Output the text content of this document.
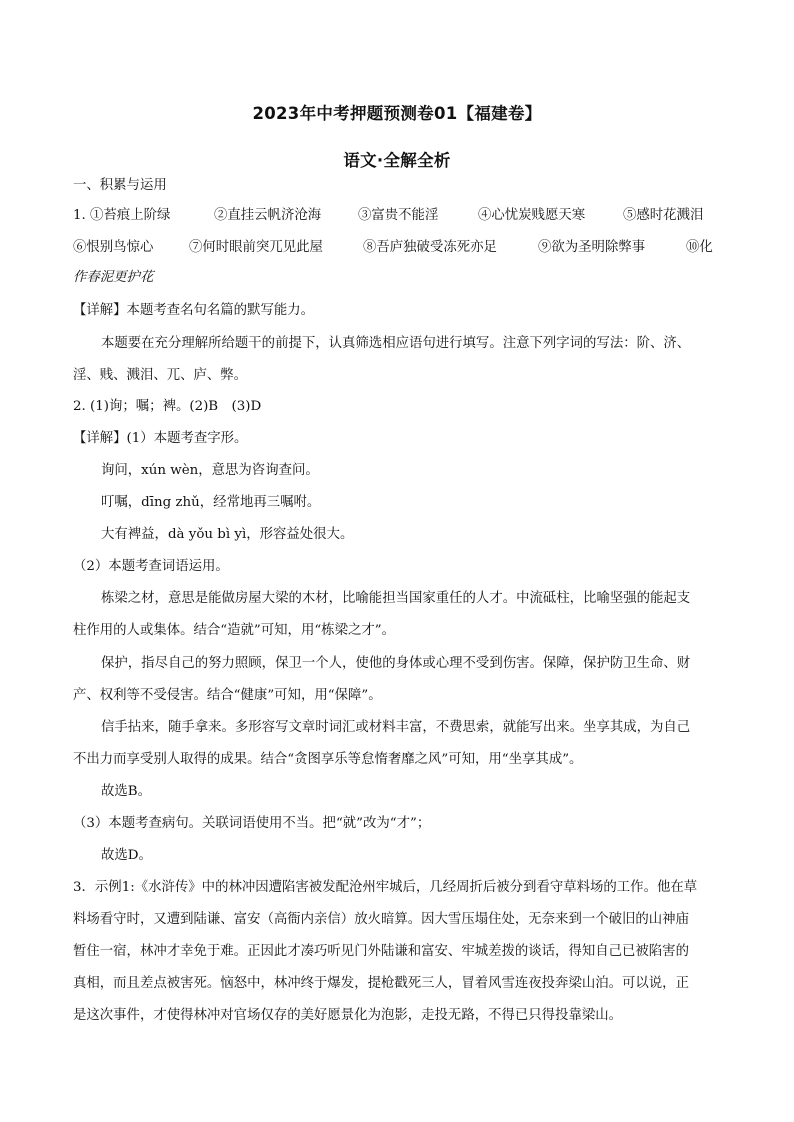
2023年中考押题预测卷01【福建卷】
语文·全解全析
一、积累与运用
1. ①苔痕上阶绿	②直挂云帆济沧海	③富贵不能淫	④心忧炭贱愿天寒	⑤感时花溅泪
⑥恨别鸟惊心	⑦何时眼前突兀见此屋	⑧吾庐独破受冻死亦足	⑨欲为圣明除弊事	⑩化
作春泥更护花
【详解】本题考查名句名篇的默写能力。
本题要在充分理解所给题干的前提下，认真筛选相应语句进行填写。注意下列字词的写法：阶、济、
淫、贱、溅泪、兀、庐、弊。
2. (1)询；嘱；裨。(2)B　(3)D
【详解】(1）本题考查字形。
询问，xún wèn，意思为咨询查问。
叮嘱，dīng zhǔ，经常地再三嘱咐。
大有裨益，dà yǒu bì yì，形容益处很大。
（2）本题考查词语运用。
栋梁之材，意思是能做房屋大梁的木材，比喻能担当国家重任的人才。中流砥柱，比喻坚强的能起支
柱作用的人或集体。结合“造就”可知，用“栋梁之才”。
保护，指尽自己的努力照顾，保卫一个人，使他的身体或心理不受到伤害。保障，保护防卫生命、财
产、权利等不受侵害。结合“健康”可知，用“保障”。
信手拈来，随手拿来。多形容写文章时词汇或材料丰富，不费思索，就能写出来。坐享其成，为自己
不出力而享受别人取得的成果。结合“贪图享乐等怠惰奢靡之风”可知，用“坐享其成”。
故选B。
（3）本题考查病句。关联词语使用不当。把“就”改为“才”；
故选D。
3．示例1:《水浒传》中的林冲因遭陷害被发配沧州牢城后，几经周折后被分到看守草料场的工作。他在草
料场看守时，又遭到陆谦、富安（高衙内亲信）放火暗算。因大雪压塌住处，无奈来到一个破旧的山神庙
暂住一宿，林冲才幸免于难。正因此才凑巧听见门外陆谦和富安、牢城差拨的谈话，得知自己已被陷害的
真相，而且差点被害死。恼怒中，林冲终于爆发，提枪戳死三人，冒着风雪连夜投奔梁山泊。可以说，正
是这次事件，才使得林冲对官场仅存的美好愿景化为泡影，走投无路，不得已只得投靠梁山。
